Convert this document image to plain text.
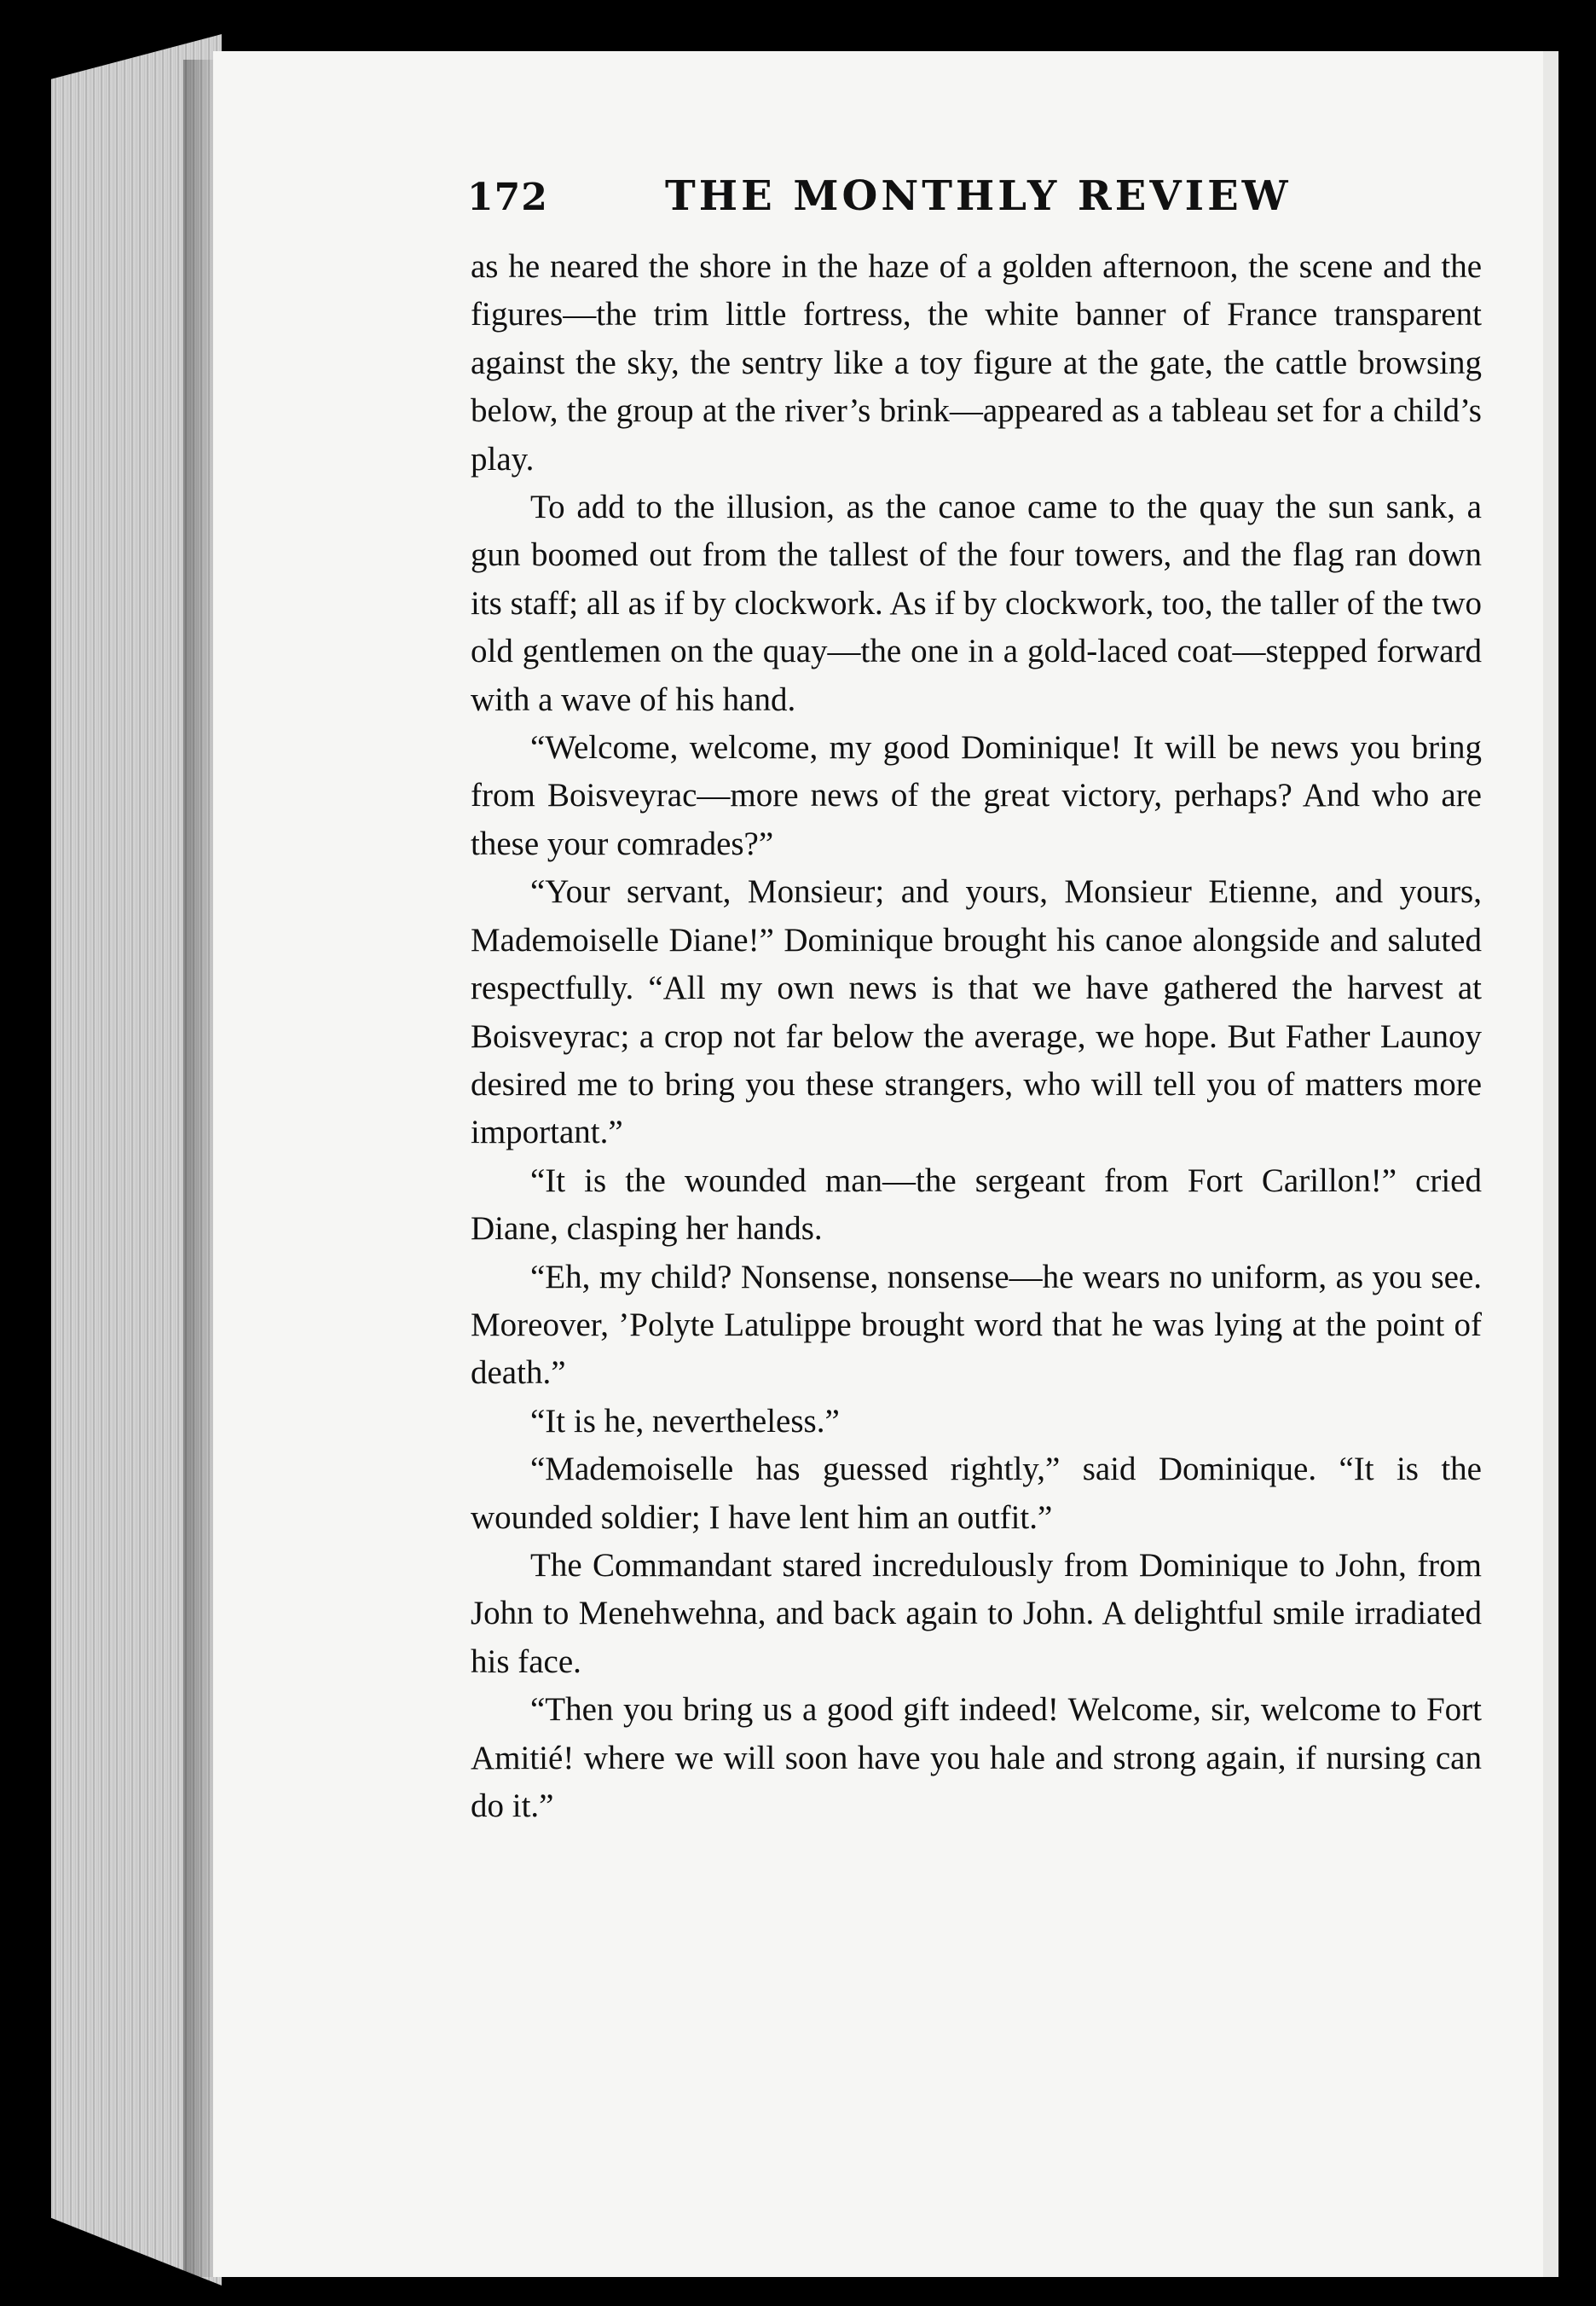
172	THE MONTHLY REVIEW

as he neared the shore in the haze of a golden afternoon, the scene and the figures—the trim little fortress, the white banner of France transparent against the sky, the sentry like a toy figure at the gate, the cattle browsing below, the group at the river’s brink—appeared as a tableau set for a child’s play.

To add to the illusion, as the canoe came to the quay the sun sank, a gun boomed out from the tallest of the four towers, and the flag ran down its staff; all as if by clockwork. As if by clockwork, too, the taller of the two old gentlemen on the quay—the one in a gold-laced coat—stepped forward with a wave of his hand.

“Welcome, welcome, my good Dominique! It will be news you bring from Boisveyrac—more news of the great victory, perhaps? And who are these your comrades?”

“Your servant, Monsieur; and yours, Monsieur Etienne, and yours, Mademoiselle Diane!” Dominique brought his canoe alongside and saluted respectfully. “All my own news is that we have gathered the harvest at Boisveyrac; a crop not far below the average, we hope. But Father Launoy desired me to bring you these strangers, who will tell you of matters more important.”

“It is the wounded man—the sergeant from Fort Carillon!” cried Diane, clasping her hands.

“Eh, my child? Nonsense, nonsense—he wears no uniform, as you see. Moreover, ’Polyte Latulippe brought word that he was lying at the point of death.”

“It is he, nevertheless.”

“Mademoiselle has guessed rightly,” said Dominique. “It is the wounded soldier; I have lent him an outfit.”

The Commandant stared incredulously from Dominique to John, from John to Menehwehna, and back again to John. A delightful smile irradiated his face.

“Then you bring us a good gift indeed! Welcome, sir, welcome to Fort Amitié! where we will soon have you hale and strong again, if nursing can do it.”
